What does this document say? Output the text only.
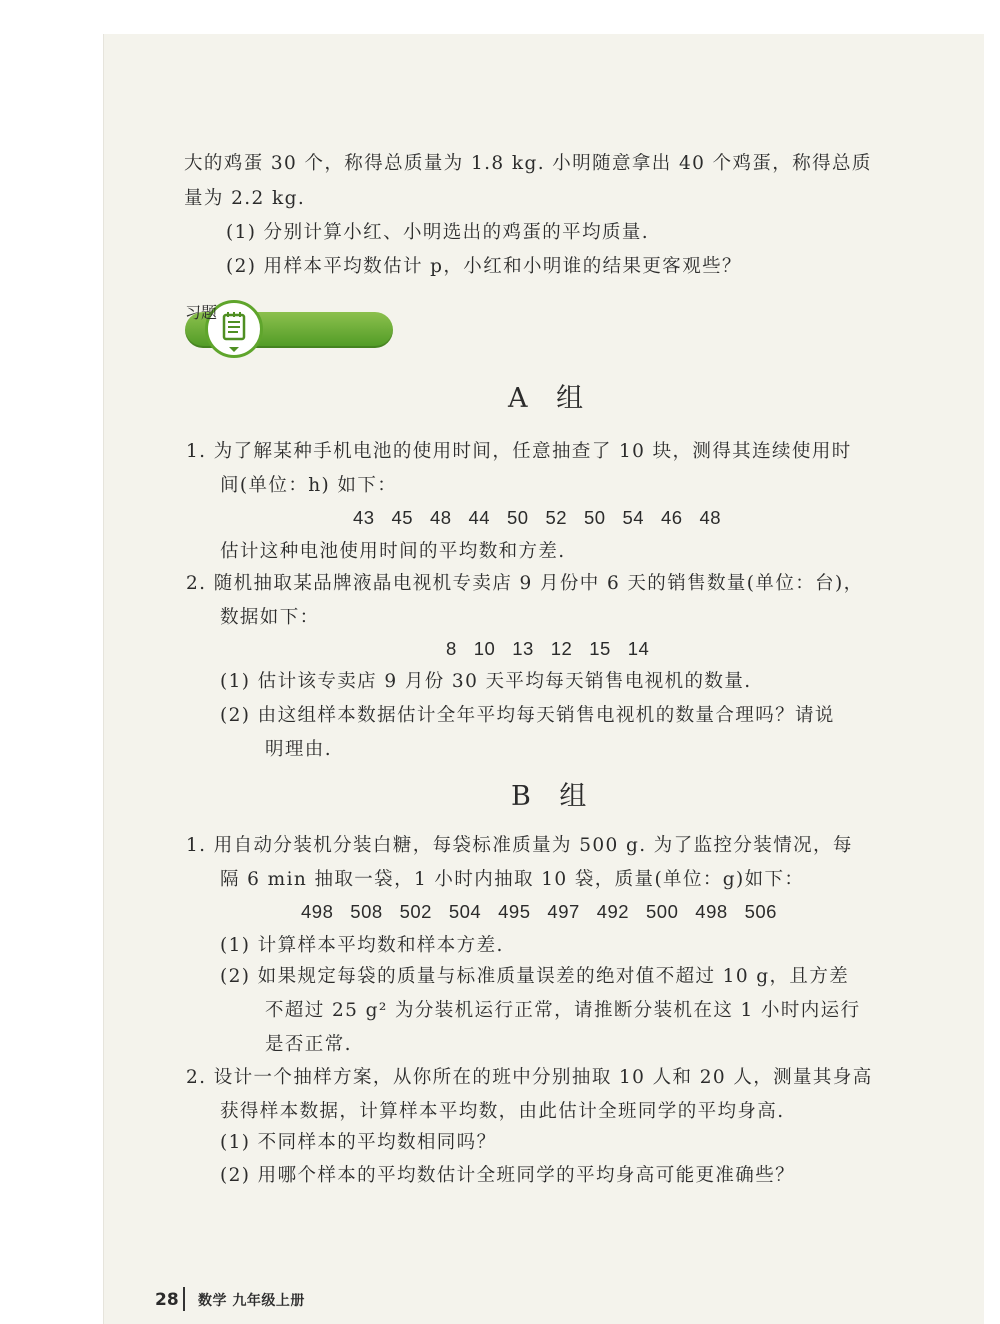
大的鸡蛋 30 个，称得总质量为 1.8 kg. 小明随意拿出 40 个鸡蛋，称得总质
量为 2.2 kg.
(1) 分别计算小红、小明选出的鸡蛋的平均质量.
(2) 用样本平均数估计 p，小红和小明谁的结果更客观些？
习题
A 组
1. 为了解某种手机电池的使用时间，任意抽查了 10 块，测得其连续使用时
间(单位：h) 如下：
43   45   48   44   50   52   50   54   46   48
估计这种电池使用时间的平均数和方差.
2. 随机抽取某品牌液晶电视机专卖店 9 月份中 6 天的销售数量(单位：台)，
数据如下：
8   10   13   12   15   14
(1) 估计该专卖店 9 月份 30 天平均每天销售电视机的数量.
(2) 由这组样本数据估计全年平均每天销售电视机的数量合理吗？请说
明理由.
B 组
1. 用自动分装机分装白糖，每袋标准质量为 500 g. 为了监控分装情况，每
隔 6 min 抽取一袋，1 小时内抽取 10 袋，质量(单位：g)如下：
498   508   502   504   495   497   492   500   498   506
(1) 计算样本平均数和样本方差.
(2) 如果规定每袋的质量与标准质量误差的绝对值不超过 10 g，且方差
不超过 25 g² 为分装机运行正常，请推断分装机在这 1 小时内运行
是否正常.
2. 设计一个抽样方案，从你所在的班中分别抽取 10 人和 20 人，测量其身高
获得样本数据，计算样本平均数，由此估计全班同学的平均身高.
(1) 不同样本的平均数相同吗？
(2) 用哪个样本的平均数估计全班同学的平均身高可能更准确些？
28 数学 九年级上册
